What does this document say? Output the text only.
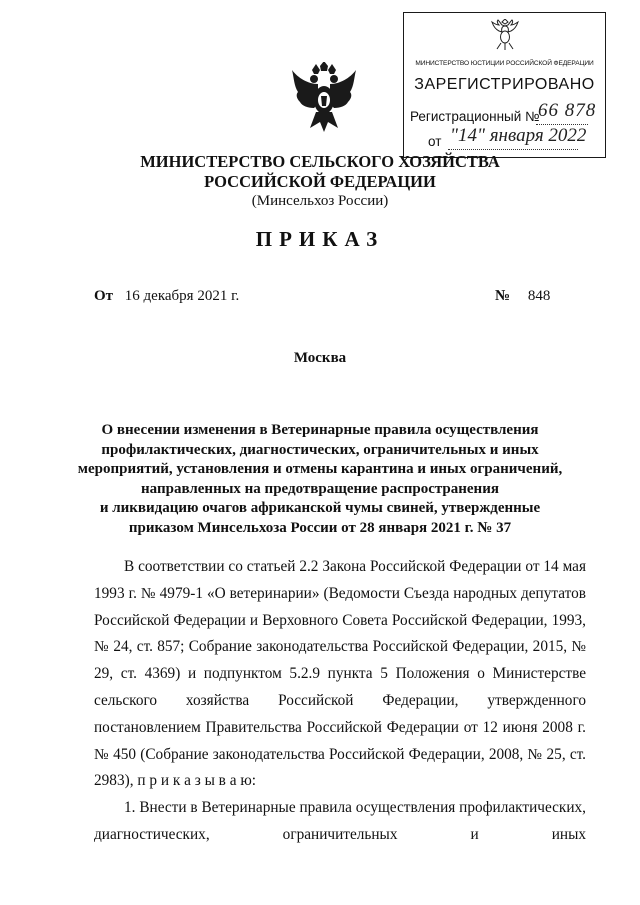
МИНИСТЕРСТВО ЮСТИЦИИ РОССИЙСКОЙ ФЕДЕРАЦИИ
ЗАРЕГИСТРИРОВАНО
Регистрационный №
66 878
от "14" января 2022
МИНИСТЕРСТВО СЕЛЬСКОГО ХОЗЯЙСТВА
РОССИЙСКОЙ ФЕДЕРАЦИИ
(Минсельхоз России)
ПРИКАЗ
От 16 декабря 2021 г.	№ 848
Москва
О внесении изменения в Ветеринарные правила осуществления
профилактических, диагностических, ограничительных и иных
мероприятий, установления и отмены карантина и иных ограничений,
направленных на предотвращение распространения
и ликвидацию очагов африканской чумы свиней, утвержденные
приказом Минсельхоза России от 28 января 2021 г. № 37
В соответствии со статьей 2.2 Закона Российской Федерации от 14 мая 1993 г. № 4979-1 «О ветеринарии» (Ведомости Съезда народных депутатов Российской Федерации и Верховного Совета Российской Федерации, 1993, № 24, ст. 857; Собрание законодательства Российской Федерации, 2015, № 29, ст. 4369) и подпунктом 5.2.9 пункта 5 Положения о Министерстве сельского хозяйства Российской Федерации, утвержденного постановлением Правительства Российской Федерации от 12 июня 2008 г. № 450 (Собрание законодательства Российской Федерации, 2008, № 25, ст. 2983), п р и к а з ы в а ю:
1. Внести в Ветеринарные правила осуществления профилактических, диагностических, ограничительных и иных
